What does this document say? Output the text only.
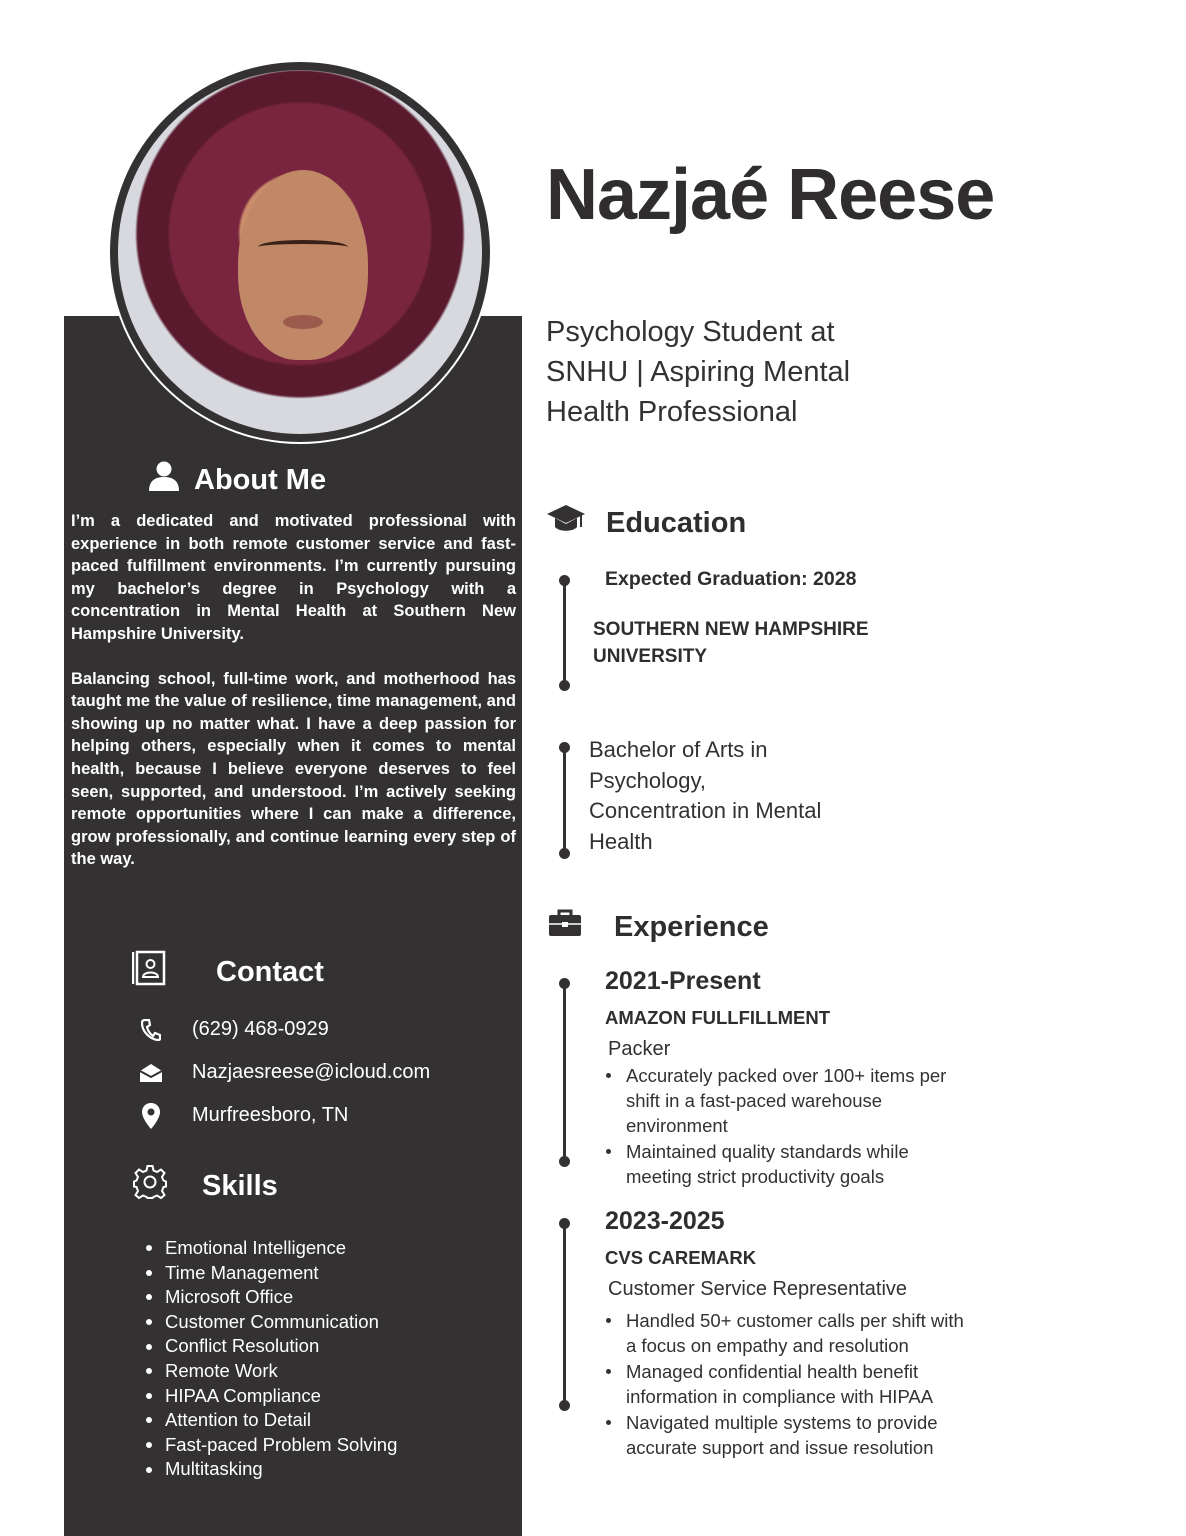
Nazjaé Reese

Psychology Student at SNHU | Aspiring Mental Health Professional

About Me

I’m a dedicated and motivated professional with experience in both remote customer service and fast-paced fulfillment environments. I’m currently pursuing my bachelor’s degree in Psychology with a concentration in Mental Health at Southern New Hampshire University.

Balancing school, full-time work, and motherhood has taught me the value of resilience, time management, and showing up no matter what. I have a deep passion for helping others, especially when it comes to mental health, because I believe everyone deserves to feel seen, supported, and understood. I’m actively seeking remote opportunities where I can make a difference, grow professionally, and continue learning every step of the way.

Contact
(629) 468-0929
Nazjaesreese@icloud.com
Murfreesboro, TN
Skills
Emotional Intelligence
Time Management
Microsoft Office
Customer Communication
Conflict Resolution
Remote Work
HIPAA Compliance
Attention to Detail
Fast-paced Problem Solving
Multitasking
Education
Expected Graduation: 2028
SOUTHERN NEW HAMPSHIRE UNIVERSITY
Bachelor of Arts in Psychology, Concentration in Mental Health
Experience
2021-Present
AMAZON FULLFILLMENT
Packer
Accurately packed over 100+ items per shift in a fast-paced warehouse environment
Maintained quality standards while meeting strict productivity goals
2023-2025
CVS CAREMARK
Customer Service Representative
Handled 50+ customer calls per shift with a focus on empathy and resolution
Managed confidential health benefit information in compliance with HIPAA
Navigated multiple systems to provide accurate support and issue resolution
